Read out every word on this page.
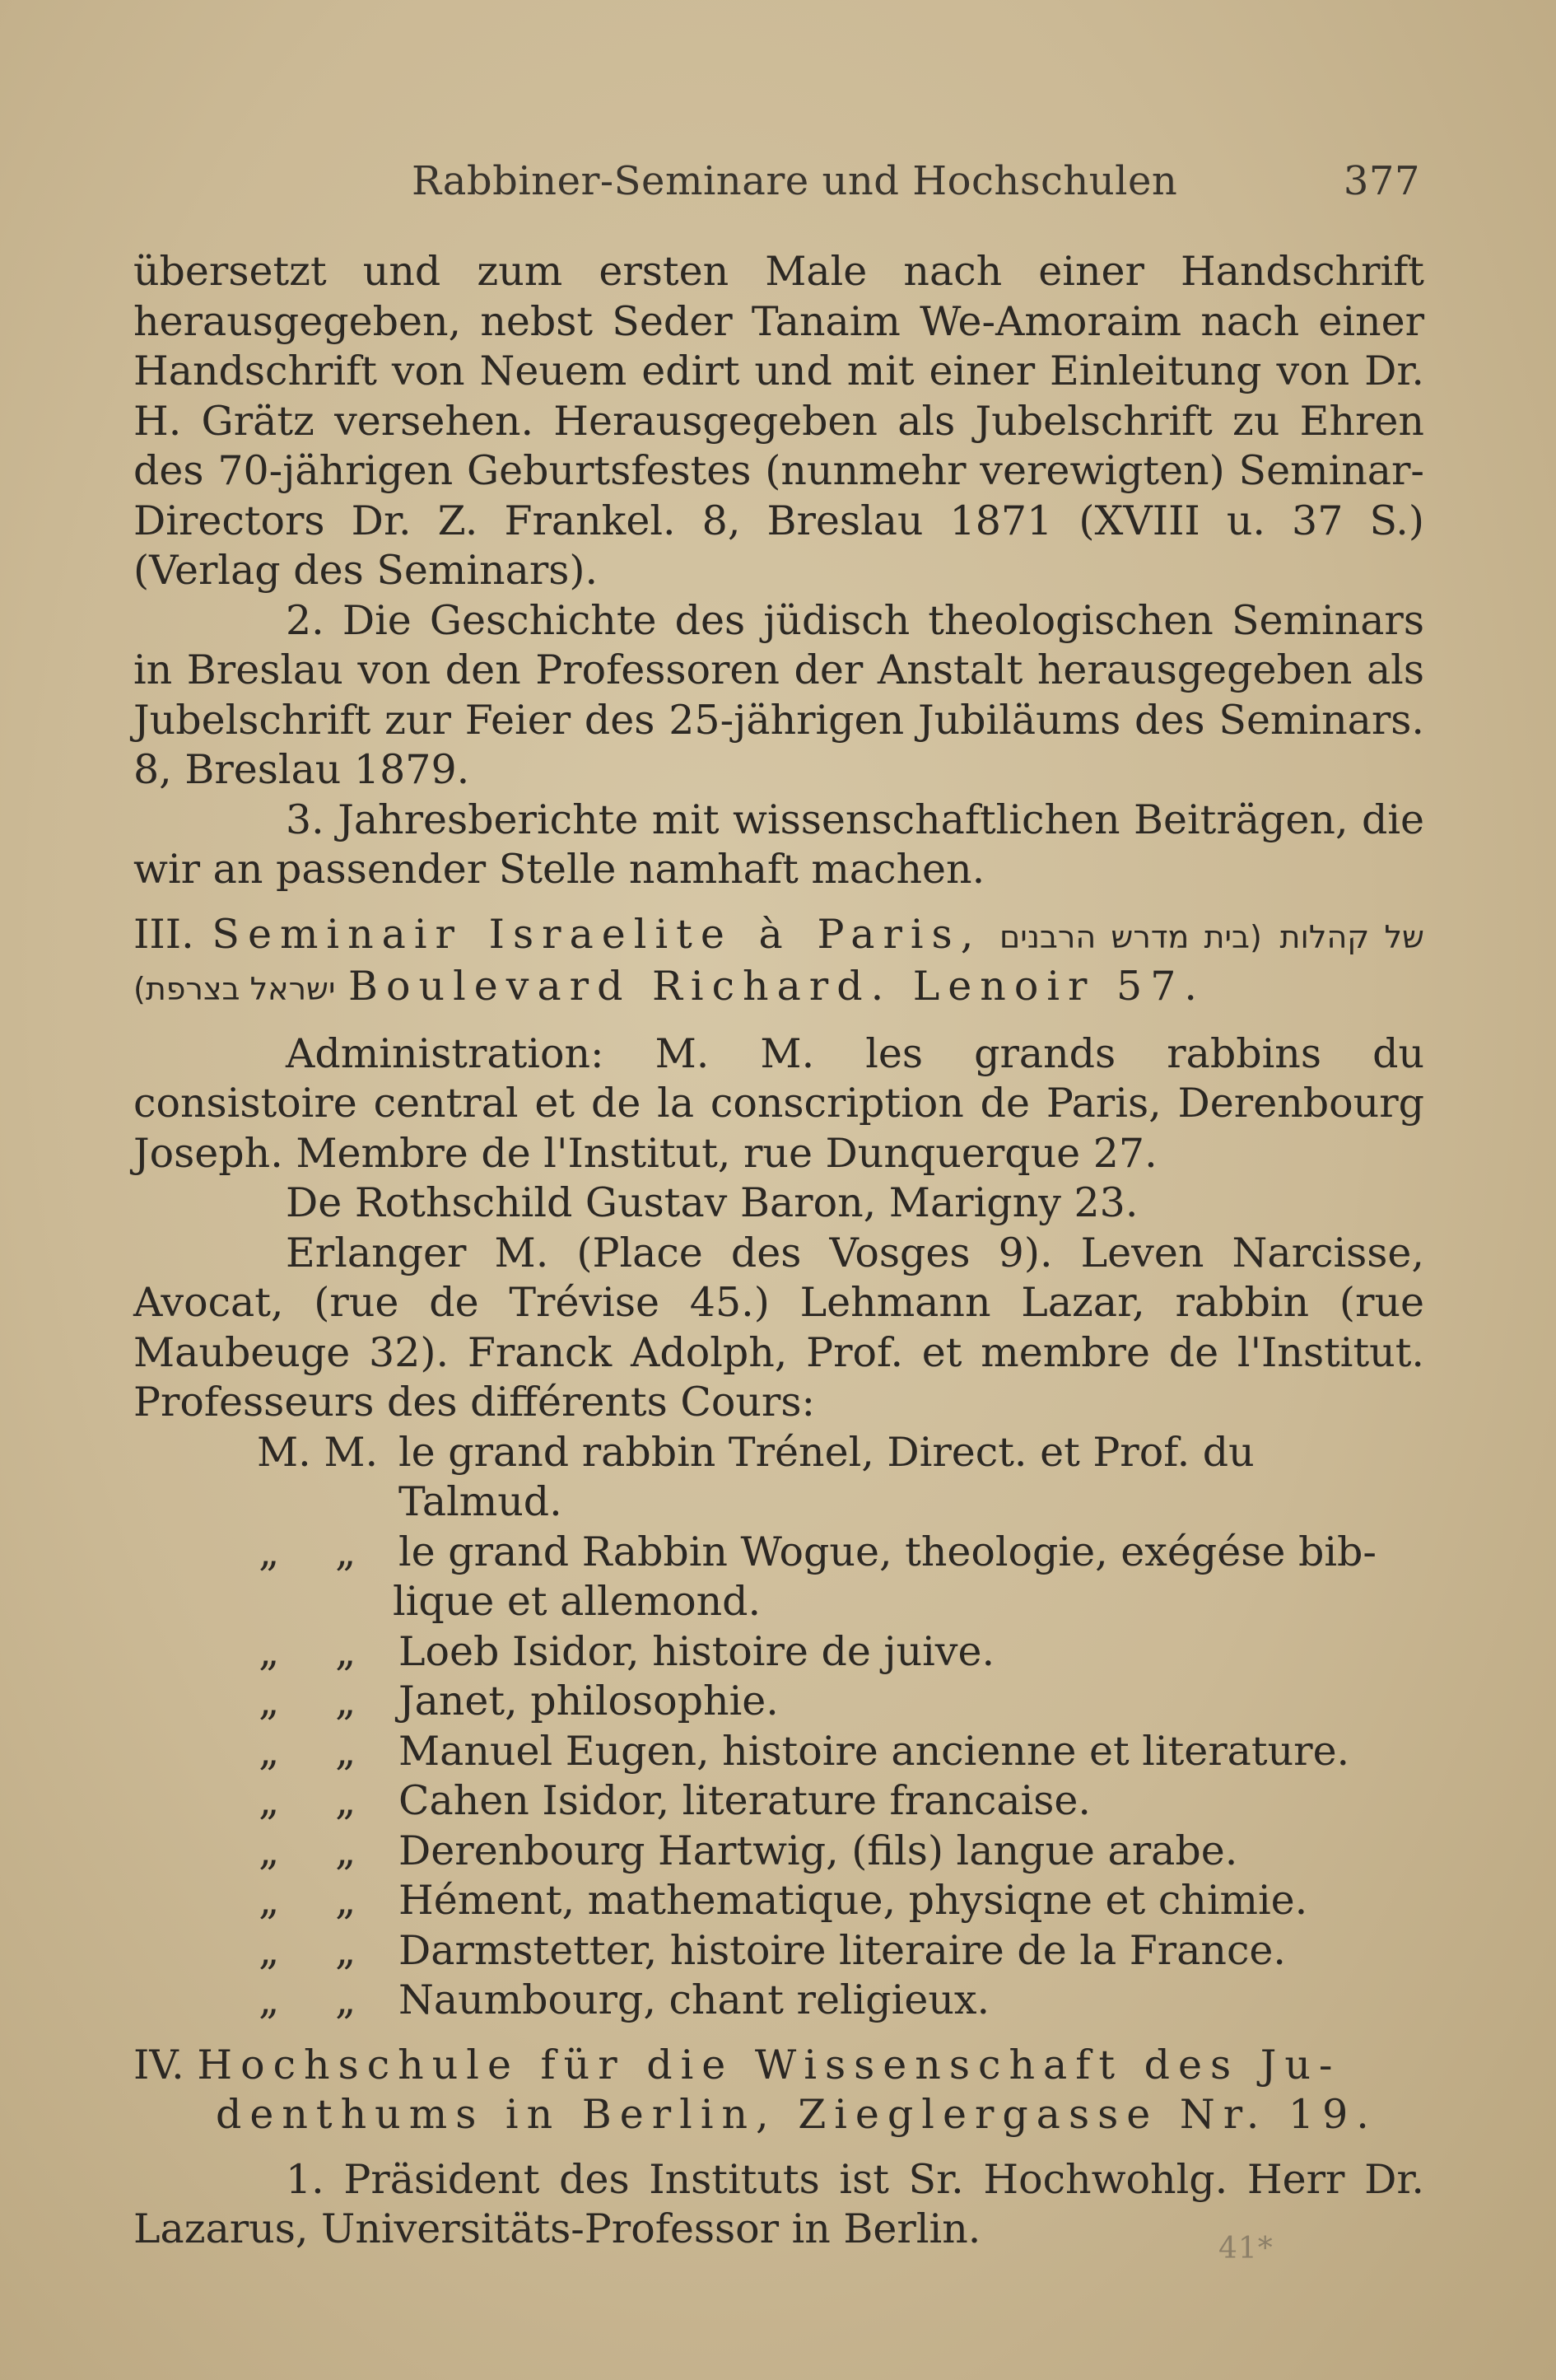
Rabbiner-Seminare und Hochschulen	377

übersetzt und zum ersten Male nach einer Handschrift herausgegeben, nebst Seder Tanaim We-Amoraim nach einer Handschrift von Neuem edirt und mit einer Einleitung von Dr. H. Grätz versehen. Herausgegeben als Jubelschrift zu Ehren des 70-jährigen Geburtsfestes (nunmehr verewigten) Seminar-Directors Dr. Z. Frankel. 8, Breslau 1871 (XVIII u. 37 S.) (Verlag des Seminars).

2. Die Geschichte des jüdisch theologischen Seminars in Breslau von den Professoren der Anstalt herausgegeben als Jubelschrift zur Feier des 25-jährigen Jubiläums des Seminars. 8, Breslau 1879.

3. Jahresberichte mit wissenschaftlichen Beiträgen, die wir an passender Stelle namhaft machen.

III. Seminair Israelite à Paris, (בית מדרש הרבנים של קהלות ישראל בצרפת) Boulevard Richard. Lenoir 57.

Administration: M. M. les grands rabbins du consistoire central et de la conscription de Paris, Derenbourg Joseph. Membre de l'Institut, rue Dunquerque 27.

De Rothschild Gustav Baron, Marigny 23.

Erlanger M. (Place des Vosges 9). Leven Narcisse, Avocat, (rue de Trévise 45.) Lehmann Lazar, rabbin (rue Maubeuge 32). Franck Adolph, Prof. et membre de l'Institut. Professeurs des différents Cours:

M. M. le grand rabbin Trénel, Direct. et Prof. du Talmud.
„ „ le grand Rabbin Wogue, theologie, exégése bib-
lique et allemond.
„ „ Loeb Isidor, histoire de juive.
„ „ Janet, philosophie.
„ „ Manuel Eugen, histoire ancienne et literature.
„ „ Cahen Isidor, literature francaise.
„ „ Derenbourg Hartwig, (fils) langue arabe.
„ „ Hément, mathematique, physiqne et chimie.
„ „ Darmstetter, histoire literaire de la France.
„ „ Naumbourg, chant religieux.

IV. Hochschule für die Wissenschaft des Ju-
denthums in Berlin, Zieglergasse Nr. 19.

1. Präsident des Instituts ist Sr. Hochwohlg. Herr Dr. Lazarus, Universitäts-Professor in Berlin.	41*
